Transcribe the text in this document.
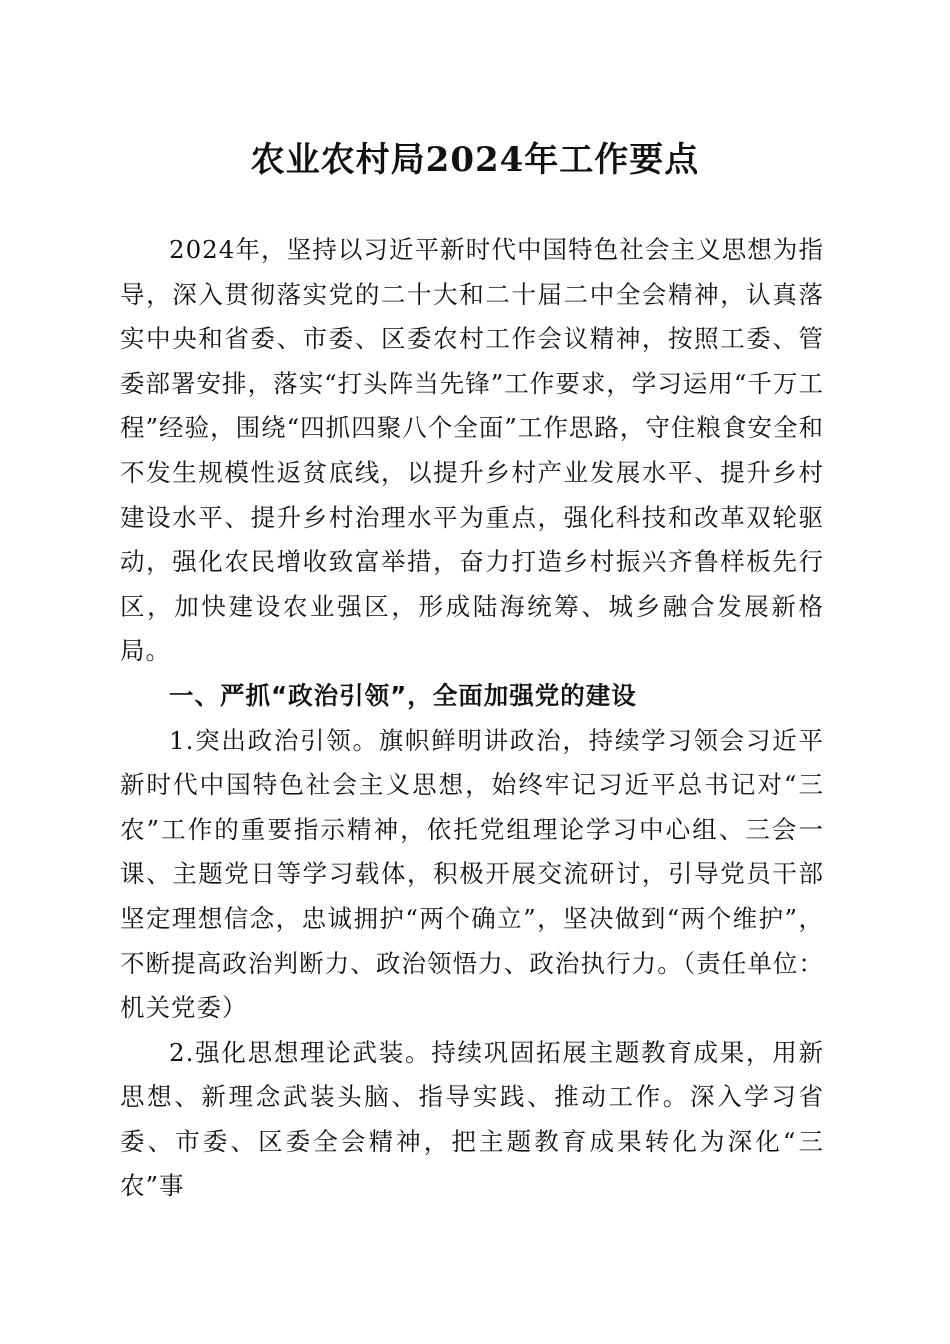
农业农村局2024年工作要点

2024年，坚持以习近平新时代中国特色社会主义思想为指导，深入贯彻落实党的二十大和二十届二中全会精神，认真落实中央和省委、市委、区委农村工作会议精神，按照工委、管委部署安排，落实“打头阵当先锋”工作要求，学习运用“千万工程”经验，围绕“四抓四聚八个全面”工作思路，守住粮食安全和不发生规模性返贫底线，以提升乡村产业发展水平、提升乡村建设水平、提升乡村治理水平为重点，强化科技和改革双轮驱动，强化农民增收致富举措，奋力打造乡村振兴齐鲁样板先行区，加快建设农业强区，形成陆海统筹、城乡融合发展新格局。

一、严抓“政治引领”，全面加强党的建设

1.突出政治引领。旗帜鲜明讲政治，持续学习领会习近平新时代中国特色社会主义思想，始终牢记习近平总书记对“三农”工作的重要指示精神，依托党组理论学习中心组、三会一课、主题党日等学习载体，积极开展交流研讨，引导党员干部坚定理想信念，忠诚拥护“两个确立”，坚决做到“两个维护”，不断提高政治判断力、政治领悟力、政治执行力。（责任单位：机关党委）

2.强化思想理论武装。持续巩固拓展主题教育成果，用新思想、新理念武装头脑、指导实践、推动工作。深入学习省委、市委、区委全会精神，把主题教育成果转化为深化“三农”事
